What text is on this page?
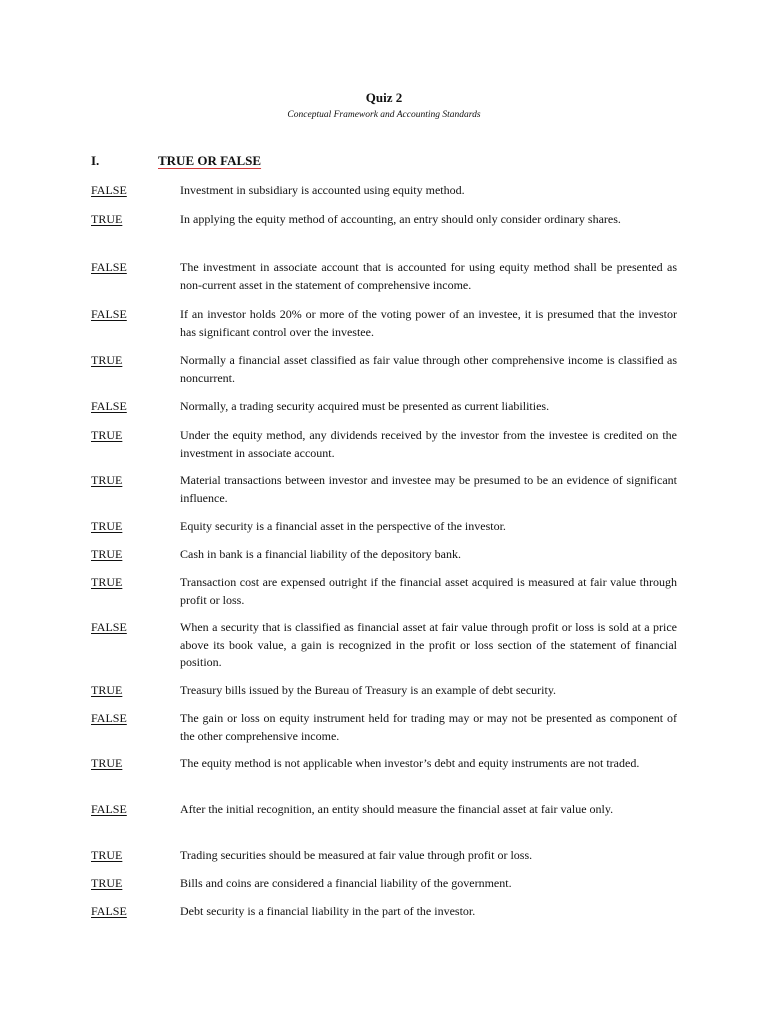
Quiz 2
Conceptual Framework and Accounting Standards
I.	TRUE OR FALSE
FALSE	Investment in subsidiary is accounted using equity method.
TRUE	In applying the equity method of accounting, an entry should only consider ordinary shares.
FALSE	The investment in associate account that is accounted for using equity method shall be presented as non-current asset in the statement of comprehensive income.
FALSE	If an investor holds 20% or more of the voting power of an investee, it is presumed that the investor has significant control over the investee.
TRUE	Normally a financial asset classified as fair value through other comprehensive income is classified as noncurrent.
FALSE	Normally, a trading security acquired must be presented as current liabilities.
TRUE	Under the equity method, any dividends received by the investor from the investee is credited on the investment in associate account.
TRUE	Material transactions between investor and investee may be presumed to be an evidence of significant influence.
TRUE	Equity security is a financial asset in the perspective of the investor.
TRUE	Cash in bank is a financial liability of the depository bank.
TRUE	Transaction cost are expensed outright if the financial asset acquired is measured at fair value through profit or loss.
FALSE	When a security that is classified as financial asset at fair value through profit or loss is sold at a price above its book value, a gain is recognized in the profit or loss section of the statement of financial position.
TRUE	Treasury bills issued by the Bureau of Treasury is an example of debt security.
FALSE	The gain or loss on equity instrument held for trading may or may not be presented as component of the other comprehensive income.
TRUE	The equity method is not applicable when investor’s debt and equity instruments are not traded.
FALSE	After the initial recognition, an entity should measure the financial asset at fair value only.
TRUE	Trading securities should be measured at fair value through profit or loss.
TRUE	Bills and coins are considered a financial liability of the government.
FALSE	Debt security is a financial liability in the part of the investor.
